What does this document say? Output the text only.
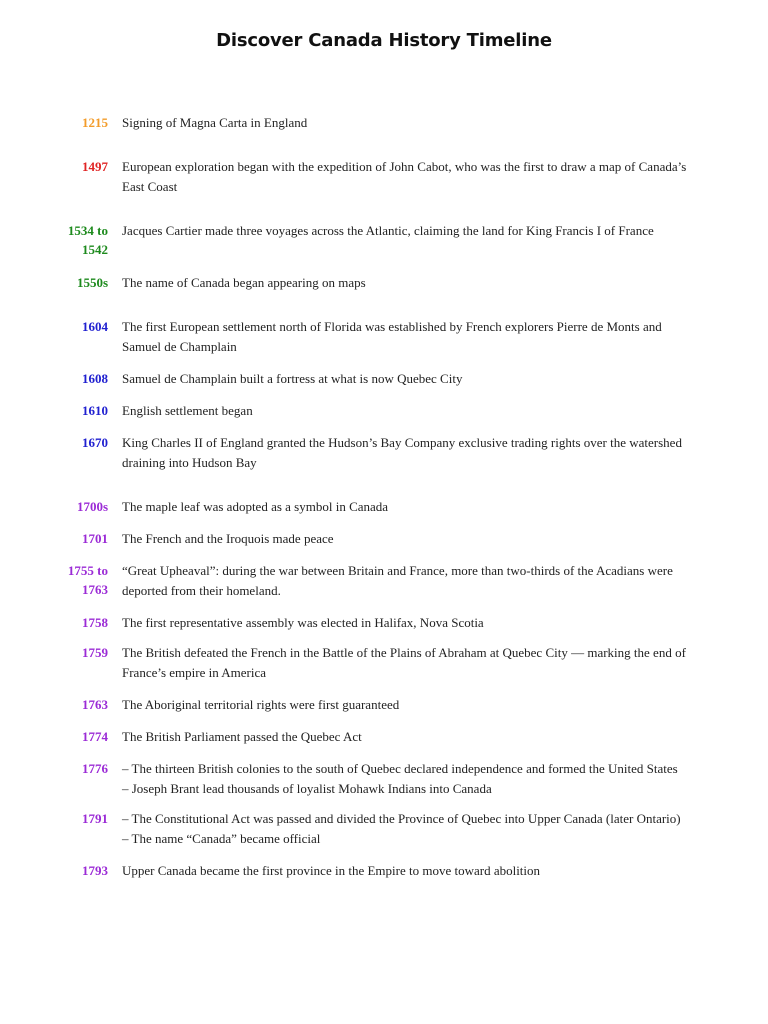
Discover Canada History Timeline
1215 Signing of Magna Carta in England
1497 European exploration began with the expedition of John Cabot, who was the first to draw a map of Canada’s
East Coast
1534 to
1542
Jacques Cartier made three voyages across the Atlantic, claiming the land for King Francis I of France
1550s The name of Canada began appearing on maps
1604 The first European settlement north of Florida was established by French explorers Pierre de Monts and
Samuel de Champlain
1608 Samuel de Champlain built a fortress at what is now Quebec City
1610 English settlement began
1670 King Charles II of England granted the Hudson’s Bay Company exclusive trading rights over the watershed
draining into Hudson Bay
1700s The maple leaf was adopted as a symbol in Canada
1701 The French and the Iroquois made peace
1755 to
1763
“Great Upheaval”: during the war between Britain and France, more than two-thirds of the Acadians were
deported from their homeland.
1758 The first representative assembly was elected in Halifax, Nova Scotia
1759 The British defeated the French in the Battle of the Plains of Abraham at Quebec City — marking the end of
France’s empire in America
1763 The Aboriginal territorial rights were first guaranteed
1774 The British Parliament passed the Quebec Act
1776 – The thirteen British colonies to the south of Quebec declared independence and formed the United States
– Joseph Brant lead thousands of loyalist Mohawk Indians into Canada
1791 – The Constitutional Act was passed and divided the Province of Quebec into Upper Canada (later Ontario)
– The name “Canada” became official
1793 Upper Canada became the first province in the Empire to move toward abolition
